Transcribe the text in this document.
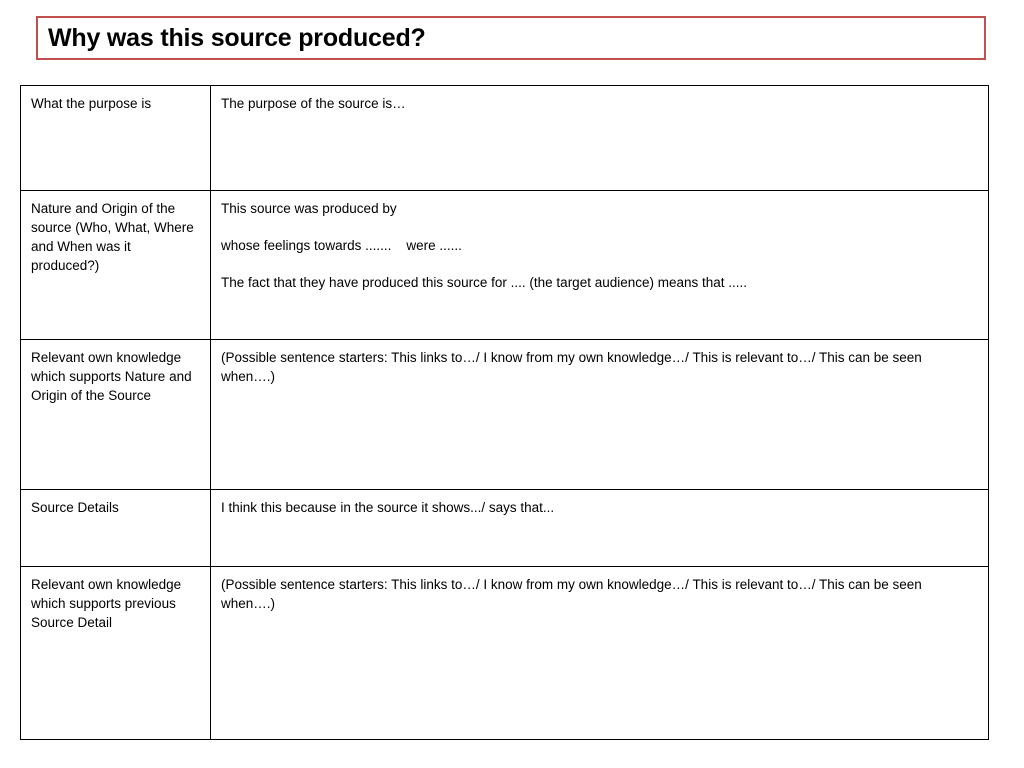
Why was this source produced?
What the purpose is	The purpose of the source is…

Nature and Origin of the source (Who, What, Where and When was it produced?)

This source was produced by

whose feelings towards .......    were ......

The fact that they have produced this source for .... (the target audience) means that .....

Relevant own knowledge which supports Nature and Origin of the Source

(Possible sentence starters: This links to…/ I know from my own knowledge…/ This is relevant to…/ This can be seen when….)

Source Details	I think this because in the source it shows.../ says that...

Relevant own knowledge which supports previous Source Detail

(Possible sentence starters: This links to…/ I know from my own knowledge…/ This is relevant to…/ This can be seen when….)
